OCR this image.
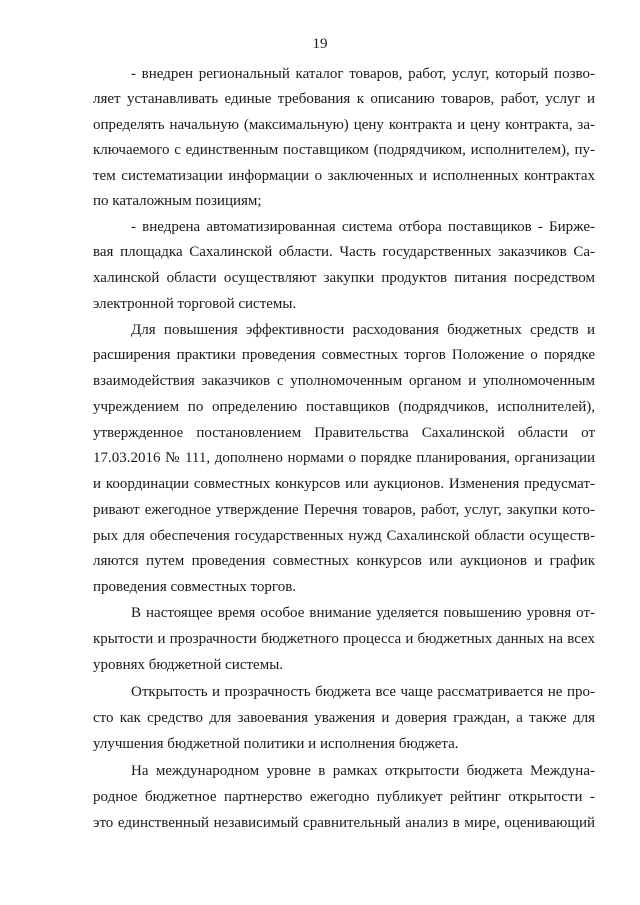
19
- внедрен региональный каталог товаров, работ, услуг, который позво-
ляет устанавливать единые требования к описанию товаров, работ, услуг и
определять начальную (максимальную) цену контракта и цену контракта, за-
ключаемого с единственным поставщиком (подрядчиком, исполнителем), пу-
тем систематизации информации о заключенных и исполненных контрактах
по каталожным позициям;
- внедрена автоматизированная система отбора поставщиков - Бирже-
вая площадка Сахалинской области. Часть государственных заказчиков Са-
халинской области осуществляют закупки продуктов питания посредством
электронной торговой системы.
Для повышения эффективности расходования бюджетных средств и
расширения практики проведения совместных торгов Положение о порядке
взаимодействия заказчиков с уполномоченным органом и уполномоченным
учреждением по определению поставщиков (подрядчиков, исполнителей),
утвержденное постановлением Правительства Сахалинской области от
17.03.2016 № 111, дополнено нормами о порядке планирования, организации
и координации совместных конкурсов или аукционов. Изменения предусмат-
ривают ежегодное утверждение Перечня товаров, работ, услуг, закупки кото-
рых для обеспечения государственных нужд Сахалинской области осуществ-
ляются путем проведения совместных конкурсов или аукционов и график
проведения совместных торгов.
В настоящее время особое внимание уделяется повышению уровня от-
крытости и прозрачности бюджетного процесса и бюджетных данных на всех
уровнях бюджетной системы.
Открытость и прозрачность бюджета все чаще рассматривается не про-
сто как средство для завоевания уважения и доверия граждан, а также для
улучшения бюджетной политики и исполнения бюджета.
На международном уровне в рамках открытости бюджета Междуна-
родное бюджетное партнерство ежегодно публикует рейтинг открытости -
это единственный независимый сравнительный анализ в мире, оценивающий
